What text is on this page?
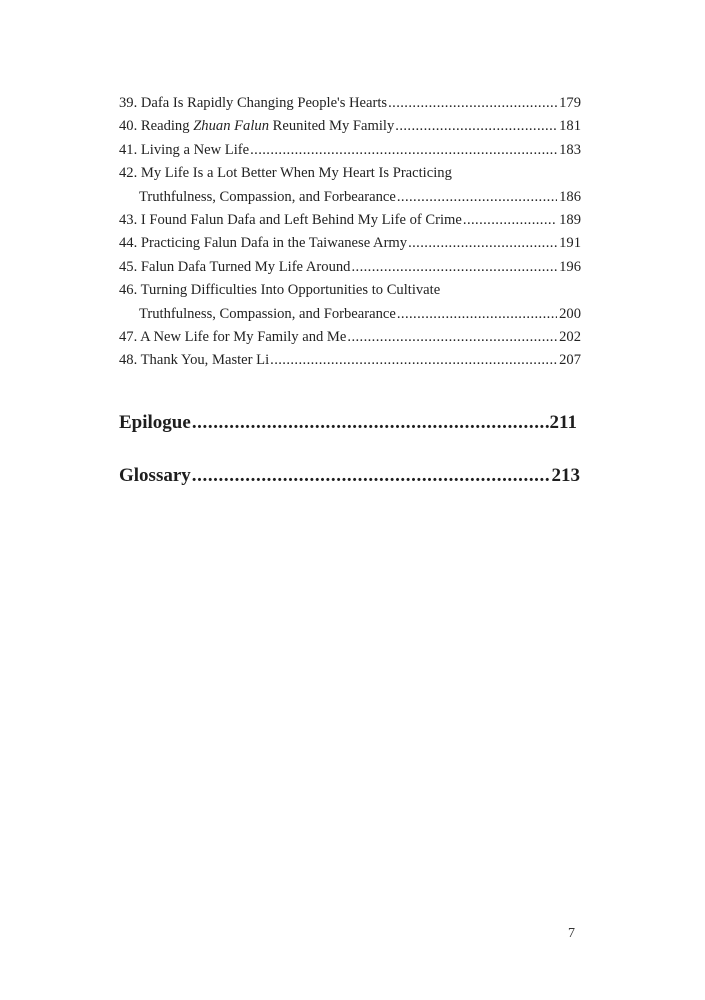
39. Dafa Is Rapidly Changing People's Hearts .....	179
40. Reading Zhuan Falun Reunited My Family .....	181
41. Living a New Life .....	183
42. My Life Is a Lot Better When My Heart Is Practicing
Truthfulness, Compassion, and Forbearance .....	186
43. I Found Falun Dafa and Left Behind My Life of Crime .....	189
44. Practicing Falun Dafa in the Taiwanese Army .....	191
45. Falun Dafa Turned My Life Around .....	196
46. Turning Difficulties Into Opportunities to Cultivate
Truthfulness, Compassion, and Forbearance .....	200
47. A New Life for My Family and Me .....	202
48. Thank You, Master Li .....	207
Epilogue .....	211
Glossary .....	213
7
